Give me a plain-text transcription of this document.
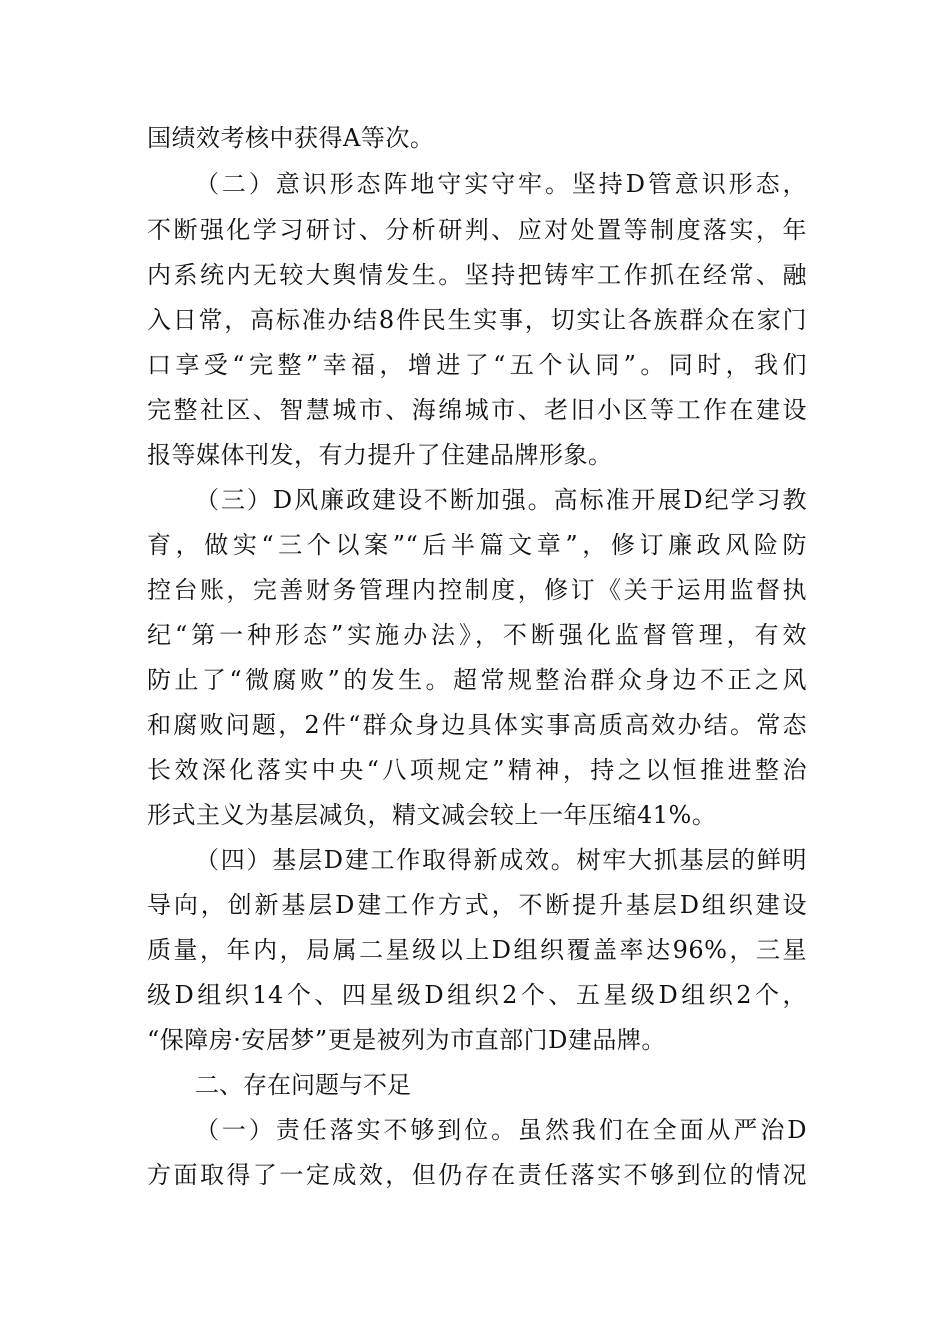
国绩效考核中获得A等次。
（二）意识形态阵地守实守牢。坚持D管意识形态，
不断强化学习研讨、分析研判、应对处置等制度落实，年
内系统内无较大舆情发生。坚持把铸牢工作抓在经常、融
入日常，高标准办结8件民生实事，切实让各族群众在家门
口享受“完整”幸福，增进了“五个认同”。同时，我们
完整社区、智慧城市、海绵城市、老旧小区等工作在建设
报等媒体刊发，有力提升了住建品牌形象。
（三）D风廉政建设不断加强。高标准开展D纪学习教
育，做实“三个以案”“后半篇文章”，修订廉政风险防
控台账，完善财务管理内控制度，修订《关于运用监督执
纪“第一种形态”实施办法》，不断强化监督管理，有效
防止了“微腐败”的发生。超常规整治群众身边不正之风
和腐败问题，2件“群众身边具体实事高质高效办结。常态
长效深化落实中央“八项规定”精神，持之以恒推进整治
形式主义为基层减负，精文减会较上一年压缩41%。
（四）基层D建工作取得新成效。树牢大抓基层的鲜明
导向，创新基层D建工作方式，不断提升基层D组织建设
质量，年内，局属二星级以上D组织覆盖率达96%，三星
级D组织14个、四星级D组织2个、五星级D组织2个，
“保障房·安居梦”更是被列为市直部门D建品牌。
二、存在问题与不足
（一）责任落实不够到位。虽然我们在全面从严治D
方面取得了一定成效，但仍存在责任落实不够到位的情况
